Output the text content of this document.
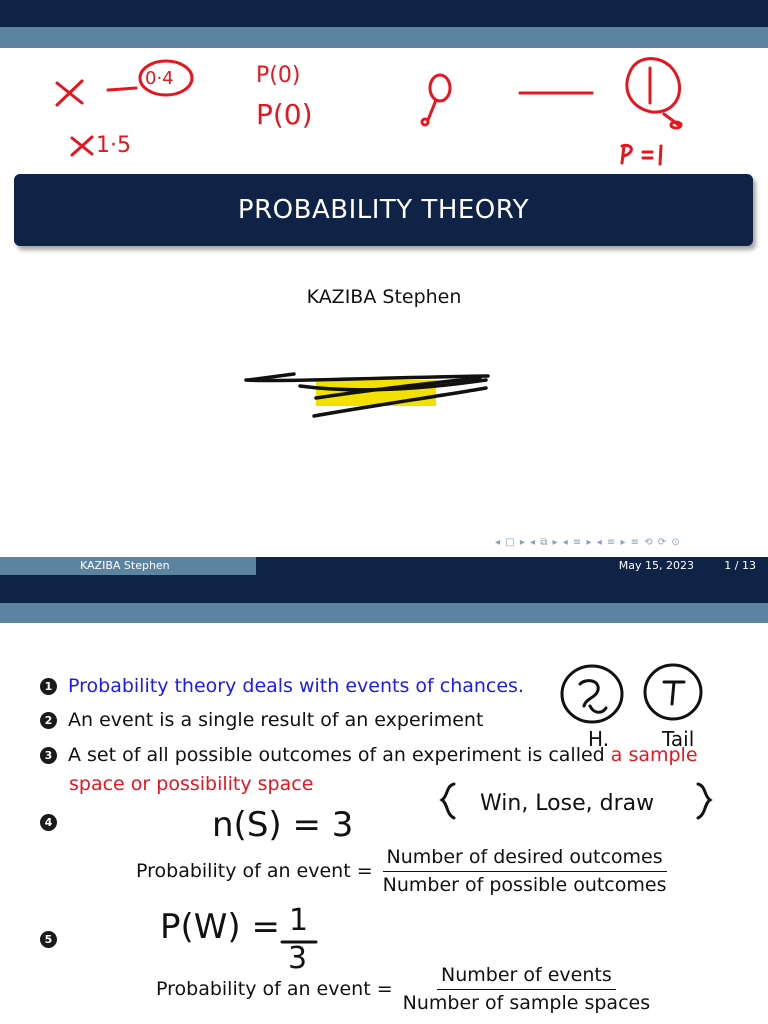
0·4
1·5
P(0)
P(0)
PROBABILITY THEORY
KAZIBA Stephen
◂ □ ▸ ◂ ⧉ ▸ ◂ ≡ ▸ ◂ ≡ ▸ ≡ ⟲ ⟳ ⊙
KAZIBA Stephen	May 15, 2023	1 / 13
1 Probability theory deals with events of chances.
2 An event is a single result of an experiment
3 A set of all possible outcomes of an experiment is called a sample
space or possibility space
4
5
Probability of an event = $\frac{\text{Number of desired outcomes}}{\text{Number of possible outcomes}}$
Probability of an event = $\frac{\text{Number of events}}{\text{Number of sample spaces}}$
n(S) = 3
Win, Lose, draw
P(W) = 1
3
H.	Tail
